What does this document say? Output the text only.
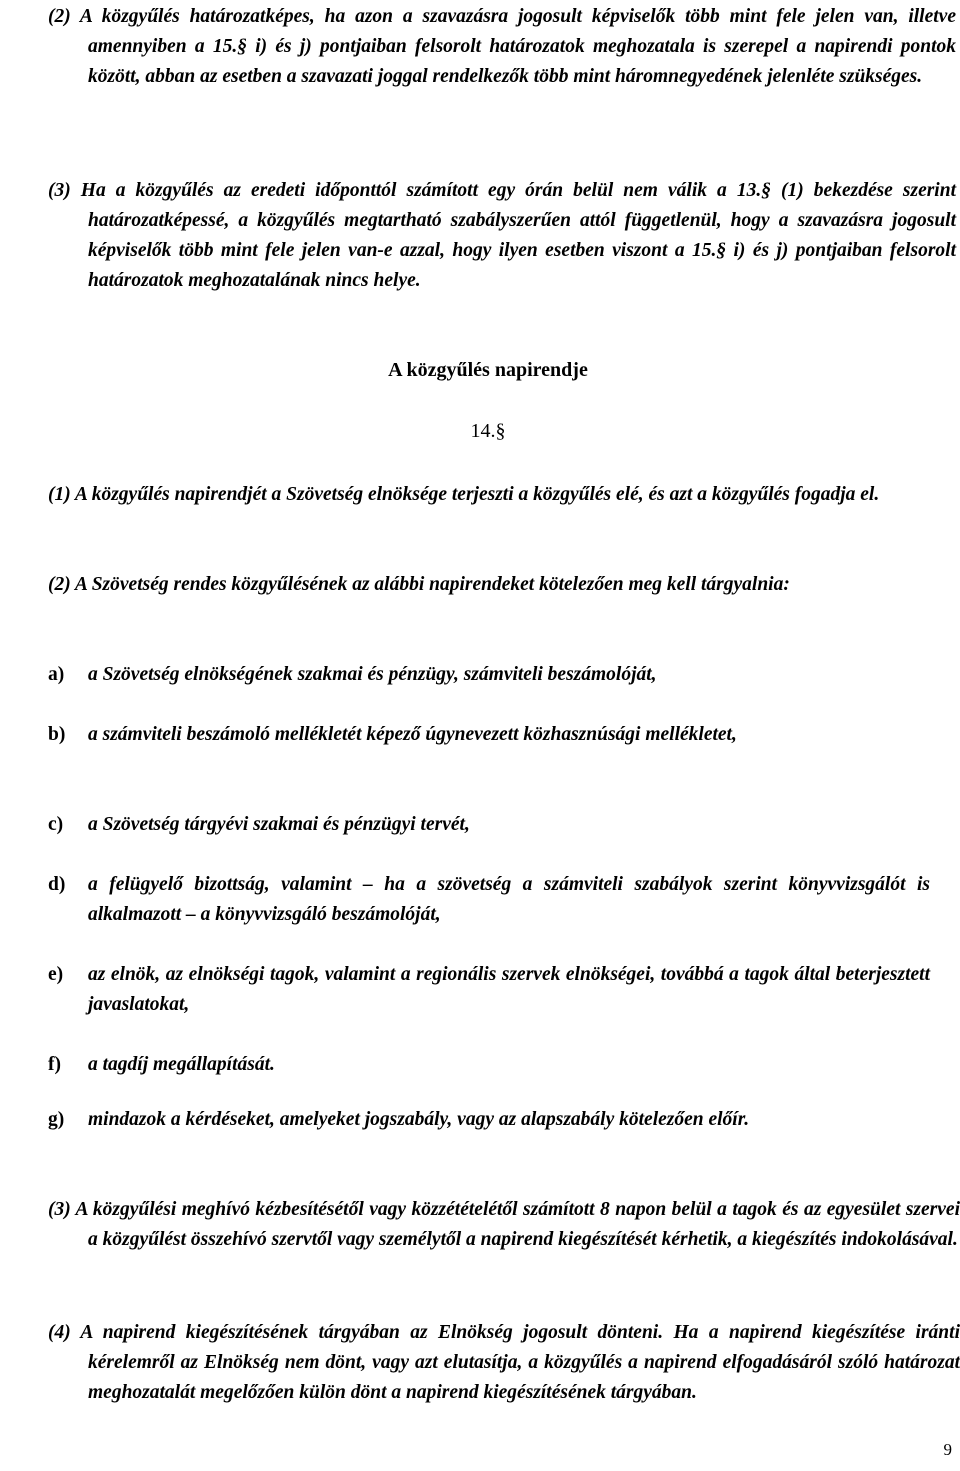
(2) A közgyűlés határozatképes, ha azon a szavazásra jogosult képviselők több mint fele jelen van, illetve amennyiben a 15.§ i) és j) pontjaiban felsorolt határozatok meghozatala is szerepel a napirendi pontok között, abban az esetben a szavazati joggal rendelkezők több mint háromnegyedének jelenléte szükséges.

(3) Ha a közgyűlés az eredeti időponttól számított egy órán belül nem válik a 13.§ (1) bekezdése szerint határozatképessé, a közgyűlés megtartható szabályszerűen attól függetlenül, hogy a szavazásra jogosult képviselők több mint fele jelen van-e azzal, hogy ilyen esetben viszont a 15.§ i) és j) pontjaiban felsorolt határozatok meghozatalának nincs helye.

A közgyűlés napirendje

14.§

(1) A közgyűlés napirendjét a Szövetség elnöksége terjeszti a közgyűlés elé, és azt a közgyűlés fogadja el.

(2) A Szövetség rendes közgyűlésének az alábbi napirendeket kötelezően meg kell tárgyalnia:

a) a Szövetség elnökségének szakmai és pénzügy, számviteli beszámolóját,
b) a számviteli beszámoló mellékletét képező úgynevezett közhasznúsági mellékletet,
c) a Szövetség tárgyévi szakmai és pénzügyi tervét,
d) a felügyelő bizottság, valamint – ha a szövetség a számviteli szabályok szerint könyvvizsgálót is alkalmazott – a könyvvizsgáló beszámolóját,
e) az elnök, az elnökségi tagok, valamint a regionális szervek elnökségei, továbbá a tagok által beterjesztett javaslatokat,
f) a tagdíj megállapítását.
g) mindazok a kérdéseket, amelyeket jogszabály, vagy az alapszabály kötelezően előír.

(3) A közgyűlési meghívó kézbesítésétől vagy közzétételétől számított 8 napon belül a tagok és az egyesület szervei a közgyűlést összehívó szervtől vagy személytől a napirend kiegészítését kérhetik, a kiegészítés indokolásával.

(4) A napirend kiegészítésének tárgyában az Elnökség jogosult dönteni. Ha a napirend kiegészítése iránti kérelemről az Elnökség nem dönt, vagy azt elutasítja, a közgyűlés a napirend elfogadásáról szóló határozat meghozatalát megelőzően külön dönt a napirend kiegészítésének tárgyában.

9
